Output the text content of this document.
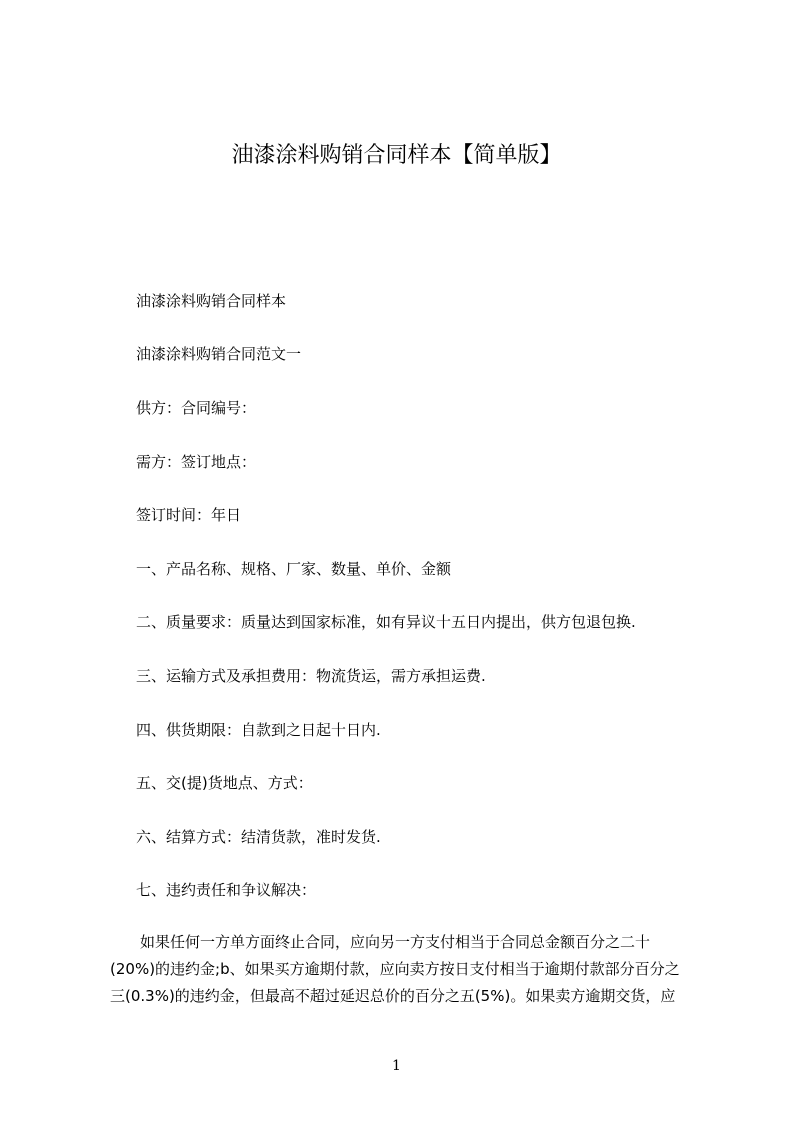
油漆涂料购销合同样本【简单版】
油漆涂料购销合同样本
油漆涂料购销合同范文一
供方：合同编号：
需方：签订地点：
签订时间：年日
一、产品名称、规格、厂家、数量、单价、金额
二、质量要求：质量达到国家标准，如有异议十五日内提出，供方包退包换.
三、运输方式及承担费用：物流货运，需方承担运费.
四、供货期限：自款到之日起十日内.
五、交(提)货地点、方式：
六、结算方式：结清货款，准时发货.
七、违约责任和争议解决：
如果任何一方单方面终止合同，应向另一方支付相当于合同总金额百分之二十
(20%)的违约金;b、如果买方逾期付款，应向卖方按日支付相当于逾期付款部分百分之
三(0.3%)的违约金，但最高不超过延迟总价的百分之五(5%)。如果卖方逾期交货，应
1
